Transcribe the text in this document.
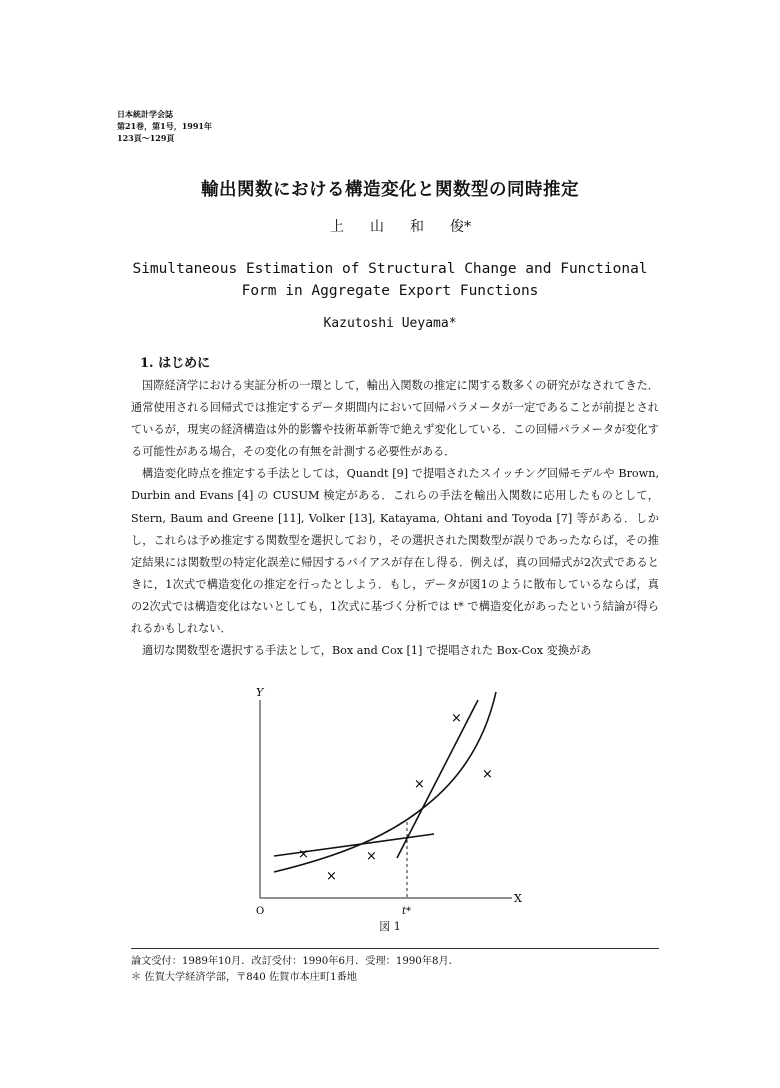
日本統計学会誌
第21巻，第1号，1991年
123頁～129頁
輸出関数における構造変化と関数型の同時推定
上 山 和 俊*
Simultaneous Estimation of Structural Change and Functional
Form in Aggregate Export Functions
Kazutoshi Ueyama*
1. はじめに

国際経済学における実証分析の一環として，輸出入関数の推定に関する数多くの研究がなされてきた．通常使用される回帰式では推定するデータ期間内において回帰パラメータが一定であることが前提とされているが，現実の経済構造は外的影響や技術革新等で絶えず変化している．この回帰パラメータが変化する可能性がある場合，その変化の有無を計測する必要性がある．

構造変化時点を推定する手法としては，Quandt [9] で提唱されたスイッチング回帰モデルや Brown, Durbin and Evans [4] の CUSUM 検定がある．これらの手法を輸出入関数に応用したものとして，Stern, Baum and Greene [11], Volker [13], Katayama, Ohtani and Toyoda [7] 等がある．しかし，これらは予め推定する関数型を選択しており，その選択された関数型が誤りであったならば，その推定結果には関数型の特定化誤差に帰因するバイアスが存在し得る．例えば，真の回帰式が2次式であるときに，1次式で構造変化の推定を行ったとしよう．もし，データが図1のように散布しているならば，真の2次式では構造変化はないとしても，1次式に基づく分析では t* で構造変化があったという結論が得られるかもしれない．

適切な関数型を選択する手法として，Box and Cox [1] で提唱された Box-Cox 変換があ

Y
X
O	t*
×
×
×
×	×
×
図 1
論文受付：1989年10月．改訂受付：1990年6月．受理：1990年8月．
＊ 佐賀大学経済学部，〒840 佐賀市本庄町1番地
